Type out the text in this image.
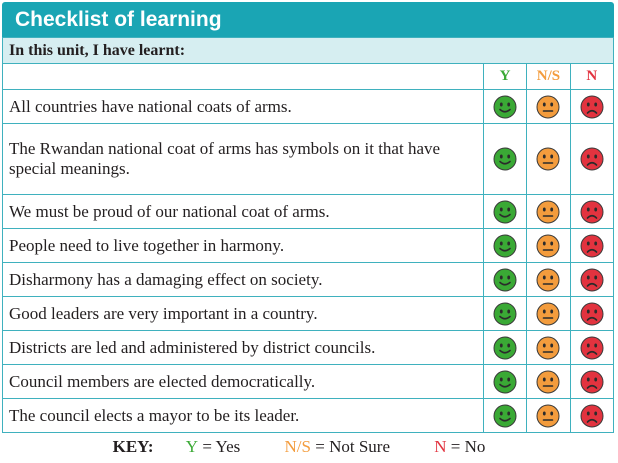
Checklist of learning
In this unit, I have learnt:			
	Y	N/S	N
All countries have national coats of arms.			
The Rwandan national coat of arms has symbols on it that have
special meanings.			
We must be proud of our national coat of arms.			
People need to live together in harmony.			
Disharmony has a damaging effect on society.			
Good leaders are very important in a country.			
Districts are led and administered by district councils.			
Council members are elected democratically.			
The council elects a mayor to be its leader.			
KEY: Y = Yes	N/S = Not Sure	N = No
